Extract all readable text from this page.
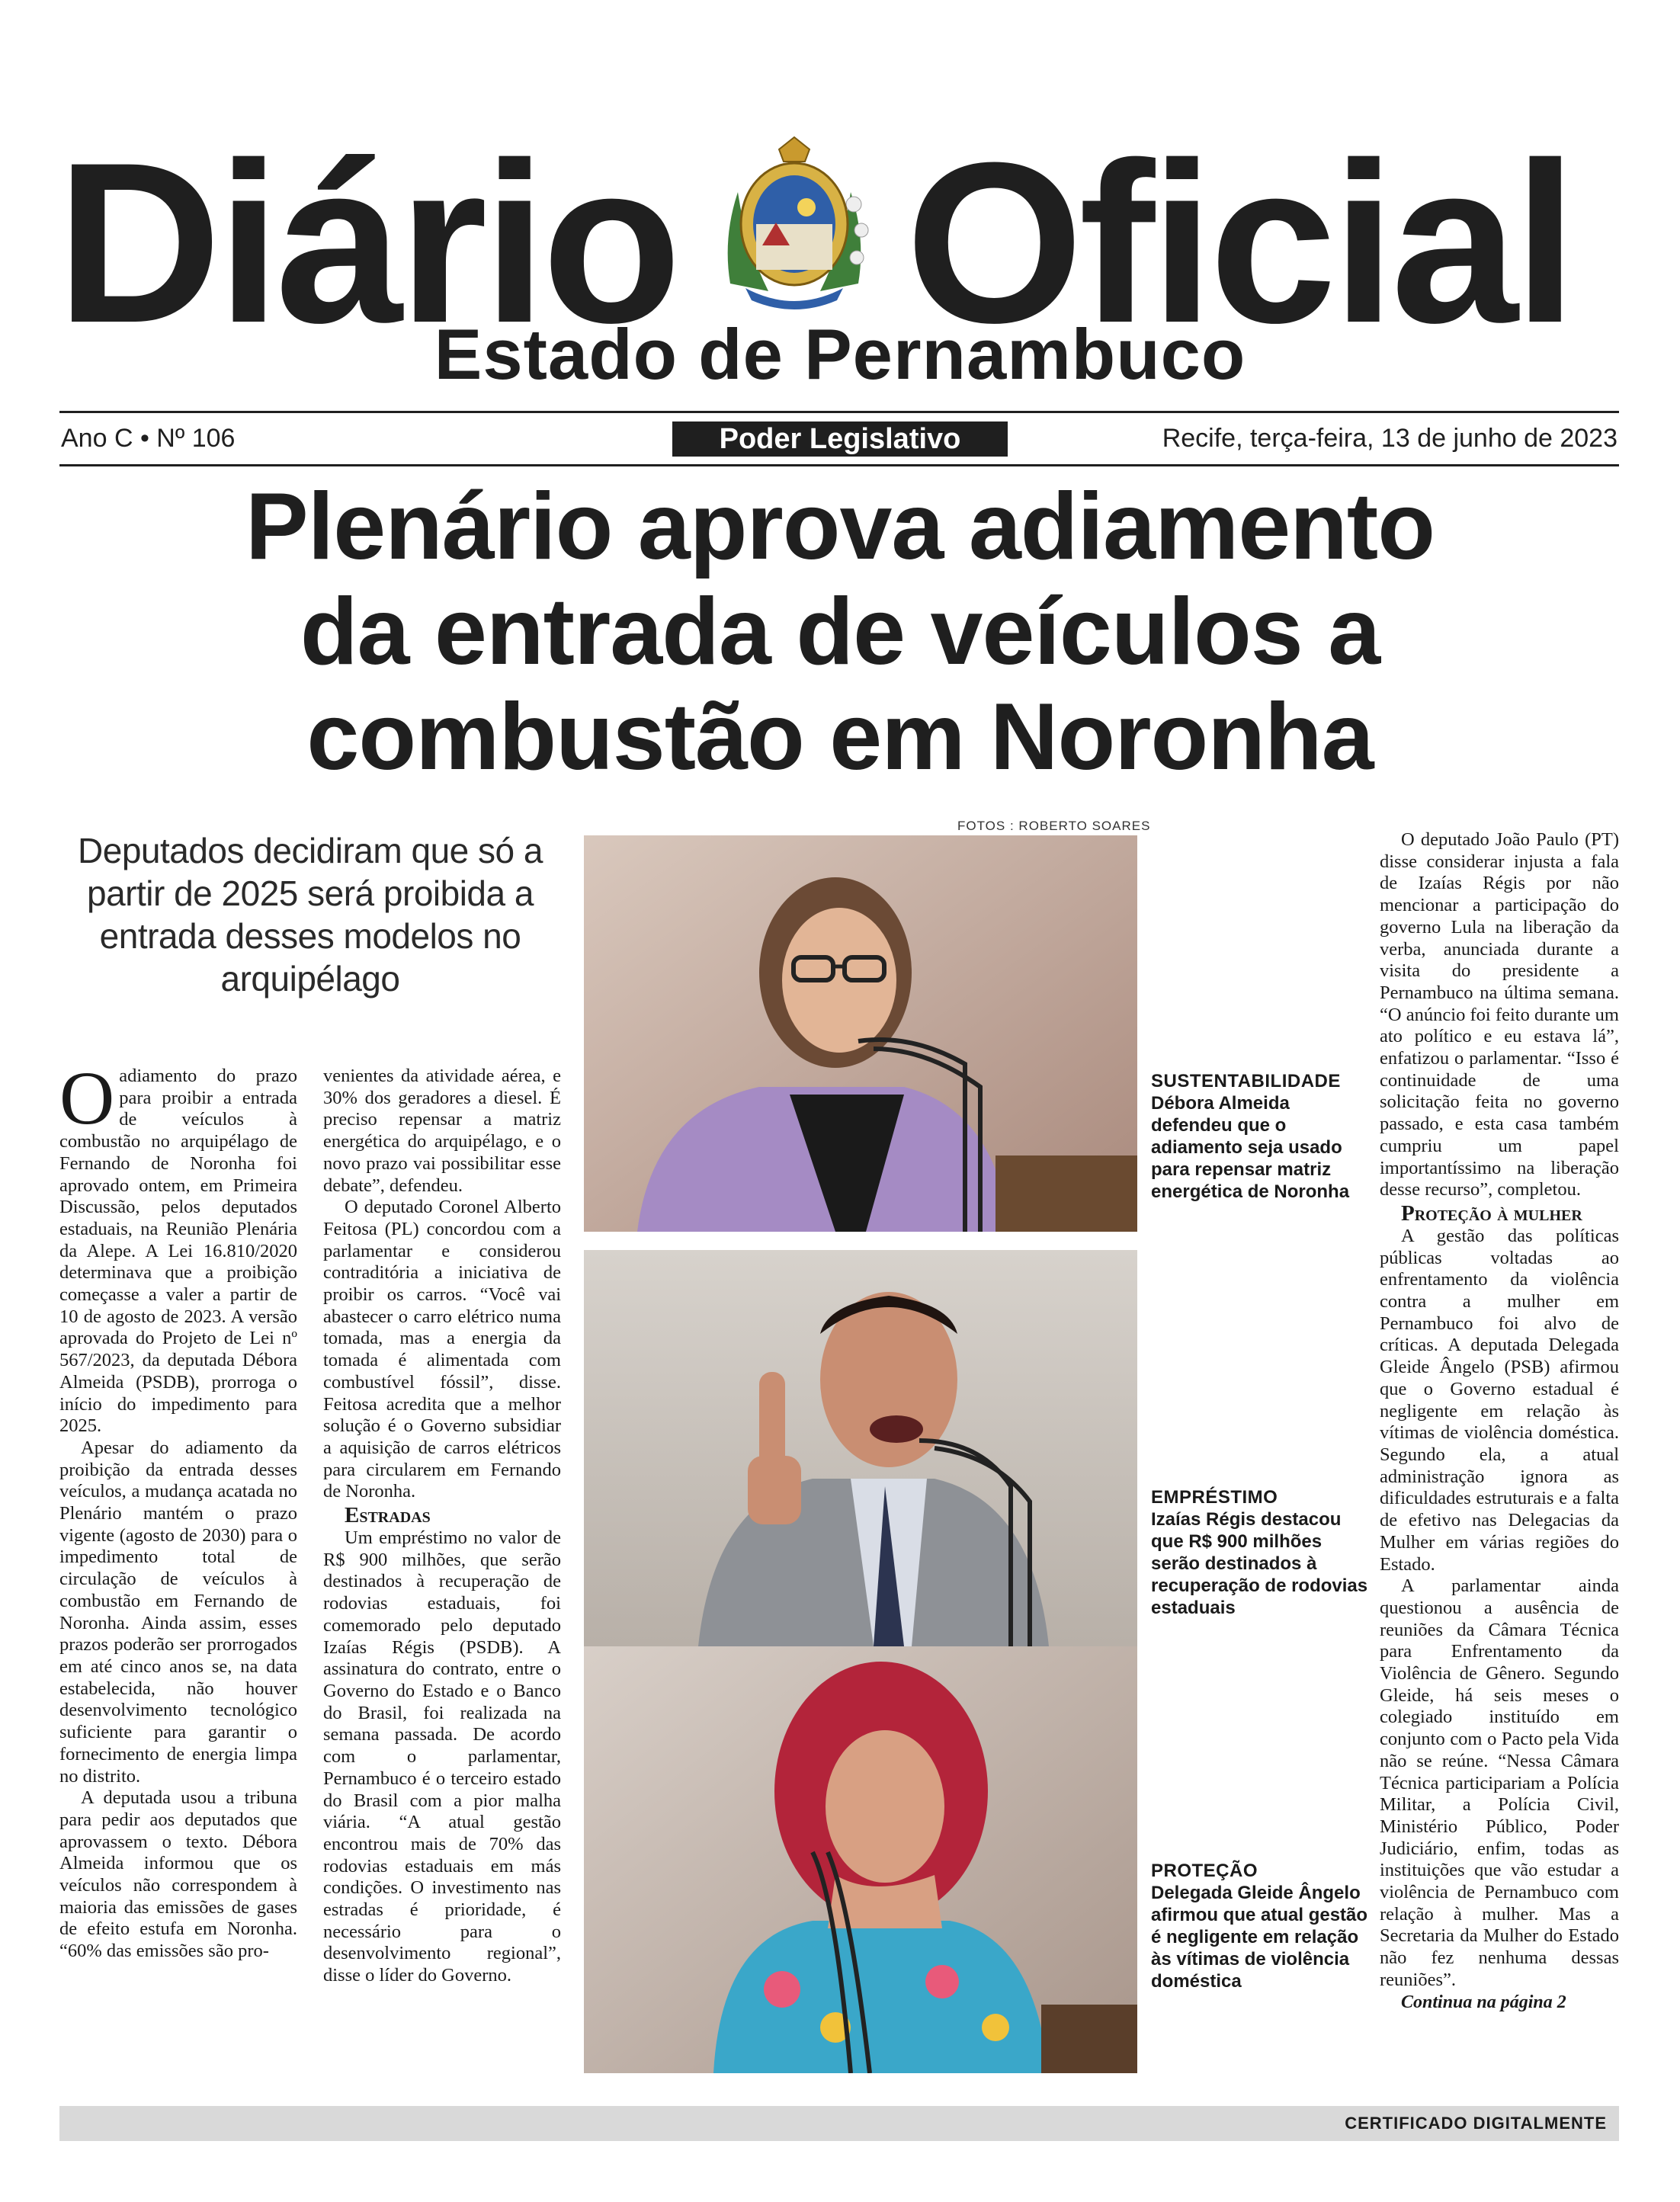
Diário Oficial
Estado de Pernambuco
Ano C • Nº 106	Poder Legislativo	Recife, terça-feira, 13 de junho de 2023
Plenário aprova adiamento
da entrada de veículos a
combustão em Noronha
Deputados decidiram que só a partir de 2025 será proibida a entrada desses modelos no arquipélago

Oadiamento do prazo para proibir a entrada de veículos à combustão no arquipélago de Fernando de Noronha foi aprovado ontem, em Primeira Discussão, pelos deputados estaduais, na Reunião Plenária da Alepe. A Lei 16.810/2020 determinava que a proibição começasse a valer a partir de 10 de agosto de 2023. A versão aprovada do Projeto de Lei nº 567/2023, da deputada Débora Almeida (PSDB), prorroga o início do impedimento para 2025.

Apesar do adiamento da proibição da entrada desses veículos, a mudança acatada no Plenário mantém o prazo vigente (agosto de 2030) para o impedimento total de circulação de veículos à combustão em Fernando de Noronha. Ainda assim, esses prazos poderão ser prorrogados em até cinco anos se, na data estabelecida, não houver desenvolvimento tecnológico suficiente para garantir o fornecimento de energia limpa no distrito.

A deputada usou a tribuna para pedir aos deputados que aprovassem o texto. Débora Almeida informou que os veículos não correspondem à maioria das emissões de gases de efeito estufa em Noronha. “60% das emissões são pro-

venientes da atividade aérea, e 30% dos geradores a diesel. É preciso repensar a matriz energética do arquipélago, e o novo prazo vai possibilitar esse debate”, defendeu.

O deputado Coronel Alberto Feitosa (PL) concordou com a parlamentar e considerou contraditória a iniciativa de proibir os carros. “Você vai abastecer o carro elétrico numa tomada, mas a energia da tomada é alimentada com combustível fóssil”, disse. Feitosa acredita que a melhor solução é o Governo subsidiar a aquisição de carros elétricos para circularem em Fernando de Noronha.

Estradas

Um empréstimo no valor de R$ 900 milhões, que serão destinados à recuperação de rodovias estaduais, foi comemorado pelo deputado Izaías Régis (PSDB). A assinatura do contrato, entre o Governo do Estado e o Banco do Brasil, foi realizada na semana passada. De acordo com o parlamentar, Pernambuco é o terceiro estado do Brasil com a pior malha viária. “A atual gestão encontrou mais de 70% das rodovias estaduais em más condições. O investimento nas estradas é prioridade, é necessário para o desenvolvimento regional”, disse o líder do Governo.

FOTOS : ROBERTO SOARES
SUSTENTABILIDADE
Débora Almeida defendeu que o adiamento seja usado para repensar matriz energética de Noronha
EMPRÉSTIMO
Izaías Régis destacou que R$ 900 milhões serão destinados à recuperação de rodovias estaduais
PROTEÇÃO
Delegada Gleide Ângelo afirmou que atual gestão é negligente em relação às vítimas de violência doméstica

O deputado João Paulo (PT) disse considerar injusta a fala de Izaías Régis por não mencionar a participação do governo Lula na liberação da verba, anunciada durante a visita do presidente a Pernambuco na última semana. “O anúncio foi feito durante um ato político e eu estava lá”, enfatizou o parlamentar. “Isso é continuidade de uma solicitação feita no governo passado, e esta casa também cumpriu um papel importantíssimo na liberação desse recurso”, completou.

Proteção à mulher

A gestão das políticas públicas voltadas ao enfrentamento da violência contra a mulher em Pernambuco foi alvo de críticas. A deputada Delegada Gleide Ângelo (PSB) afirmou que o Governo estadual é negligente em relação às vítimas de violência doméstica. Segundo ela, a atual administração ignora as dificuldades estruturais e a falta de efetivo nas Delegacias da Mulher em várias regiões do Estado.

A parlamentar ainda questionou a ausência de reuniões da Câmara Técnica para Enfrentamento da Violência de Gênero. Segundo Gleide, há seis meses o colegiado instituído em conjunto com o Pacto pela Vida não se reúne. “Nessa Câmara Técnica participariam a Polícia Militar, a Polícia Civil, Ministério Público, Poder Judiciário, enfim, todas as instituições que vão estudar a violência de Pernambuco com relação à mulher. Mas a Secretaria da Mulher do Estado não fez nenhuma dessas reuniões”.

Continua na página 2

CERTIFICADO DIGITALMENTE
